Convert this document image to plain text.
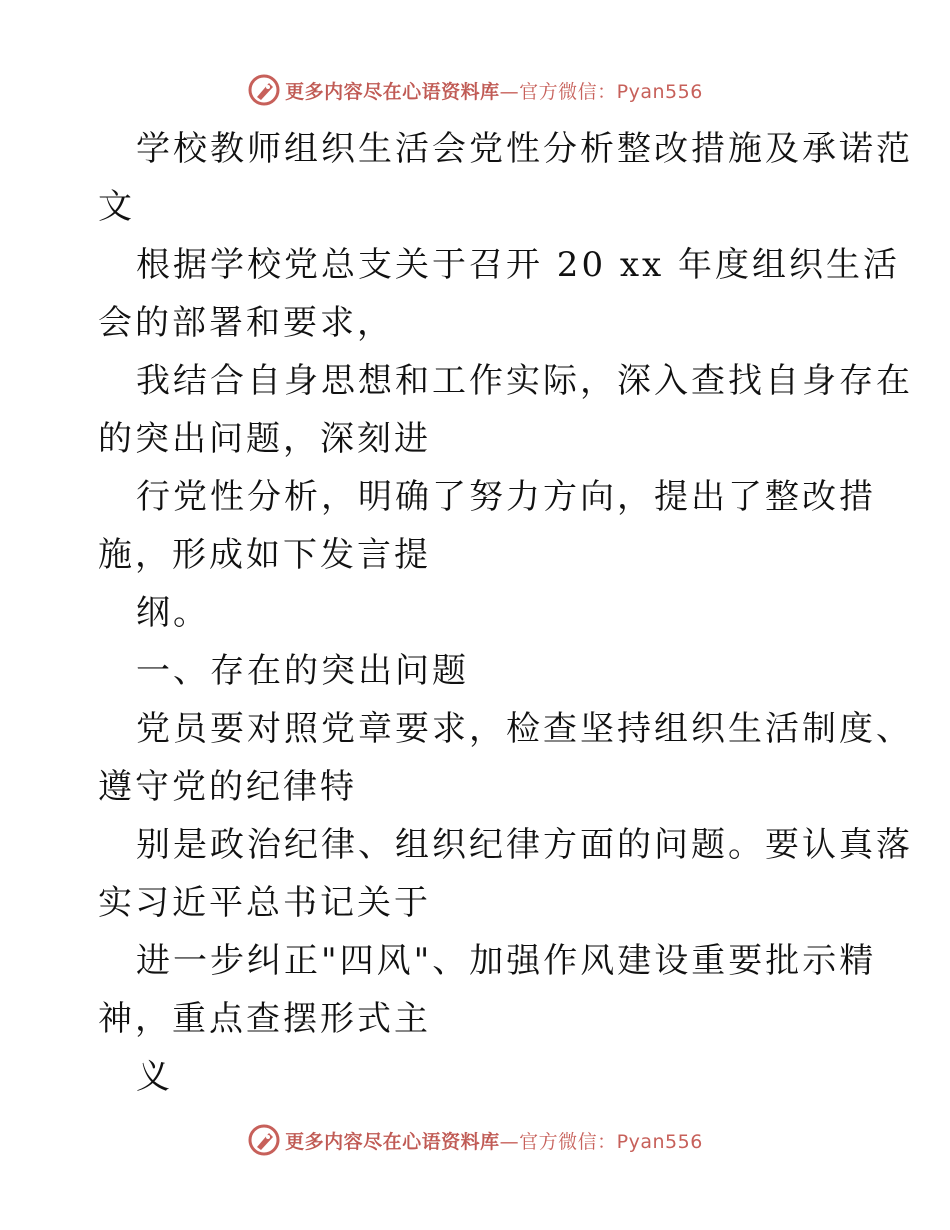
更多内容尽在心语资料库—官方微信：Pyan556

学校教师组织生活会党性分析整改措施及承诺范

文

根据学校党总支关于召开 20 xx 年度组织生活

会的部署和要求，

我结合自身思想和工作实际，深入查找自身存在

的突出问题，深刻进

行党性分析，明确了努力方向，提出了整改措

施，形成如下发言提

纲。

一、存在的突出问题

党员要对照党章要求，检查坚持组织生活制度、

遵守党的纪律特

别是政治纪律、组织纪律方面的问题。要认真落

实习近平总书记关于

进一步纠正"四风"、加强作风建设重要批示精

神，重点查摆形式主

义

更多内容尽在心语资料库—官方微信：Pyan556
